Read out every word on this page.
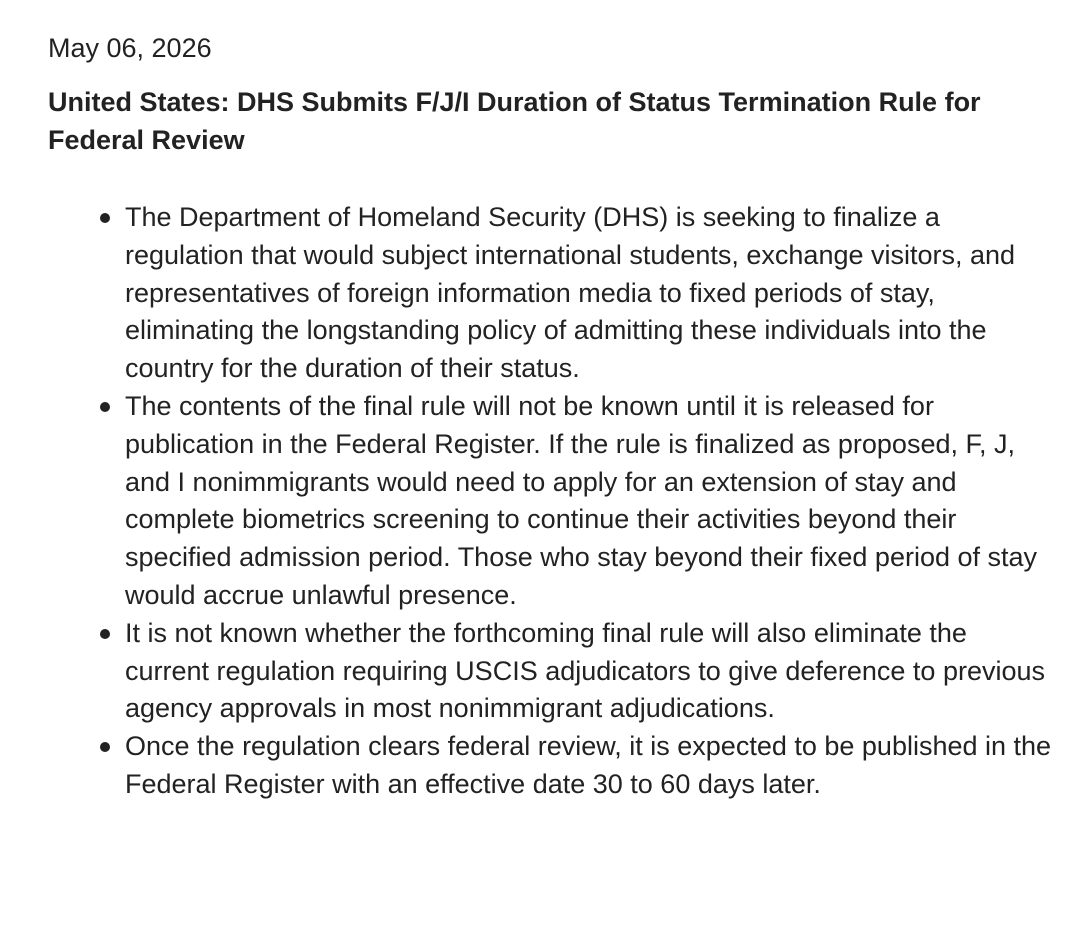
May 06, 2026
United States: DHS Submits F/J/I Duration of Status Termination Rule for Federal Review
The Department of Homeland Security (DHS) is seeking to finalize a regulation that would subject international students, exchange visitors, and representatives of foreign information media to fixed periods of stay, eliminating the longstanding policy of admitting these individuals into the country for the duration of their status.
The contents of the final rule will not be known until it is released for publication in the Federal Register. If the rule is finalized as proposed, F, J, and I nonimmigrants would need to apply for an extension of stay and complete biometrics screening to continue their activities beyond their specified admission period. Those who stay beyond their fixed period of stay would accrue unlawful presence.
It is not known whether the forthcoming final rule will also eliminate the current regulation requiring USCIS adjudicators to give deference to previous agency approvals in most nonimmigrant adjudications.
Once the regulation clears federal review, it is expected to be published in the Federal Register with an effective date 30 to 60 days later.
